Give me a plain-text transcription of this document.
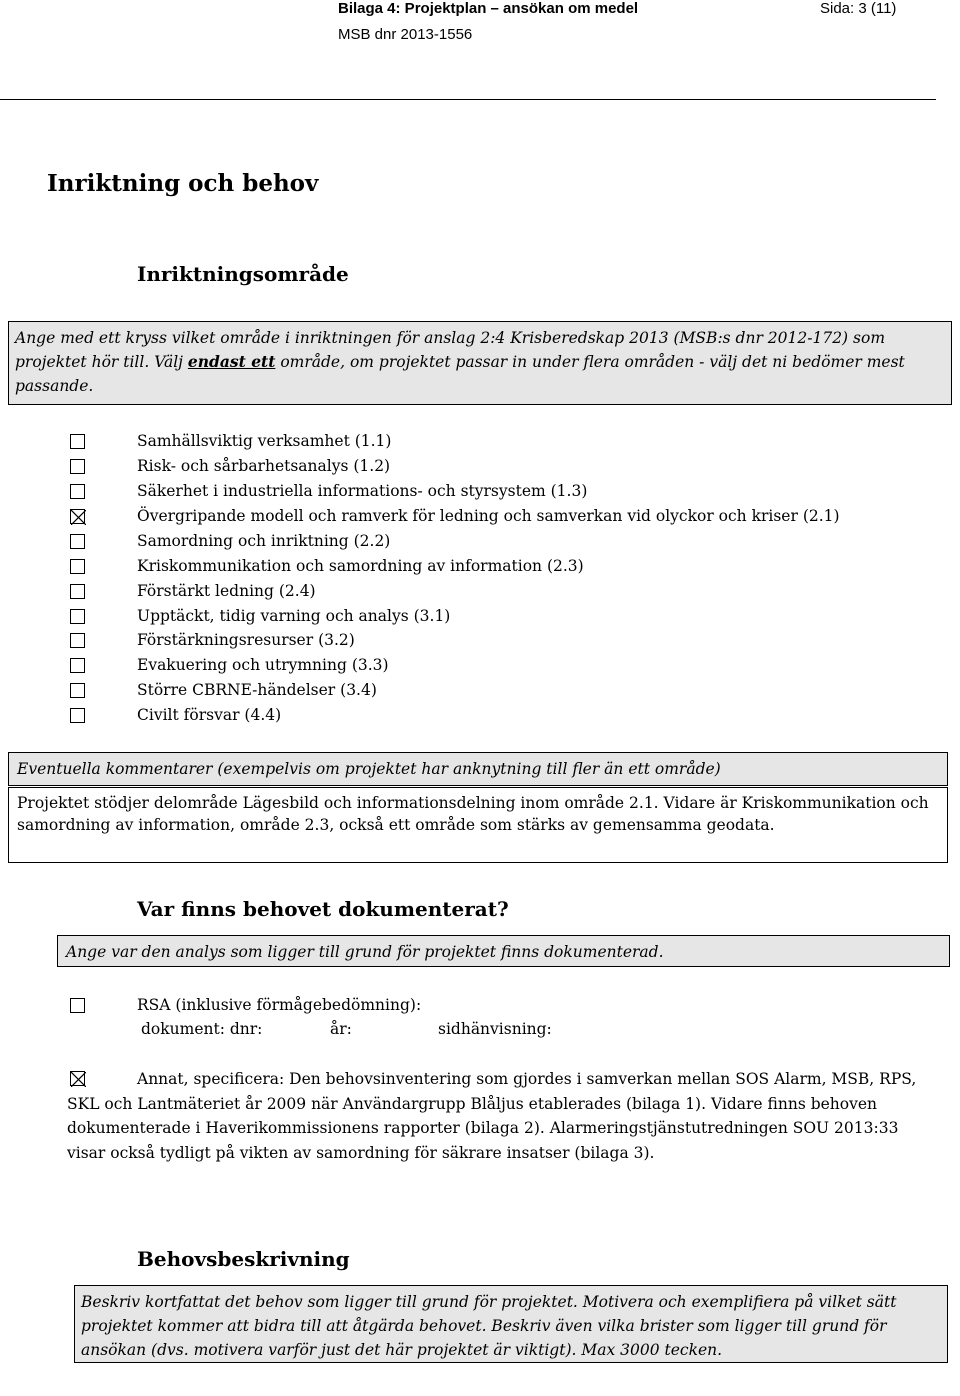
Bilaga 4: Projektplan – ansökan om medel	Sida: 3 (11)
MSB dnr 2013-1556
Inriktning och behov
Inriktningsområde
Ange med ett kryss vilket område i inriktningen för anslag 2:4 Krisberedskap 2013 (MSB:s dnr 2012-172) som projektet hör till. Välj endast ett område, om projektet passar in under flera områden - välj det ni bedömer mest passande.
Samhällsviktig verksamhet (1.1)
Risk- och sårbarhetsanalys (1.2)
Säkerhet i industriella informations- och styrsystem (1.3)
Övergripande modell och ramverk för ledning och samverkan vid olyckor och kriser (2.1)
Samordning och inriktning (2.2)
Kriskommunikation och samordning av information (2.3)
Förstärkt ledning (2.4)
Upptäckt, tidig varning och analys (3.1)
Förstärkningsresurser (3.2)
Evakuering och utrymning (3.3)
Större CBRNE-händelser (3.4)
Civilt försvar (4.4)
Eventuella kommentarer (exempelvis om projektet har anknytning till fler än ett område)
Projektet stödjer delområde Lägesbild och informationsdelning inom område 2.1. Vidare är Kriskommunikation och samordning av information, område 2.3, också ett område som stärks av gemensamma geodata.
Var finns behovet dokumenterat?
Ange var den analys som ligger till grund för projektet finns dokumenterad.
RSA (inklusive förmågebedömning):
dokument: dnr:	år:	sidhänvisning:
Annat, specificera: Den behovsinventering som gjordes i samverkan mellan SOS Alarm, MSB, RPS, SKL och Lantmäteriet år 2009 när Användargrupp Blåljus etablerades (bilaga 1). Vidare finns behoven dokumenterade i Haverikommissionens rapporter (bilaga 2). Alarmeringstjänstutredningen SOU 2013:33 visar också tydligt på vikten av samordning för säkrare insatser (bilaga 3).
Behovsbeskrivning
Beskriv kortfattat det behov som ligger till grund för projektet. Motivera och exemplifiera på vilket sätt projektet kommer att bidra till att åtgärda behovet. Beskriv även vilka brister som ligger till grund för ansökan (dvs. motivera varför just det här projektet är viktigt). Max 3000 tecken.
